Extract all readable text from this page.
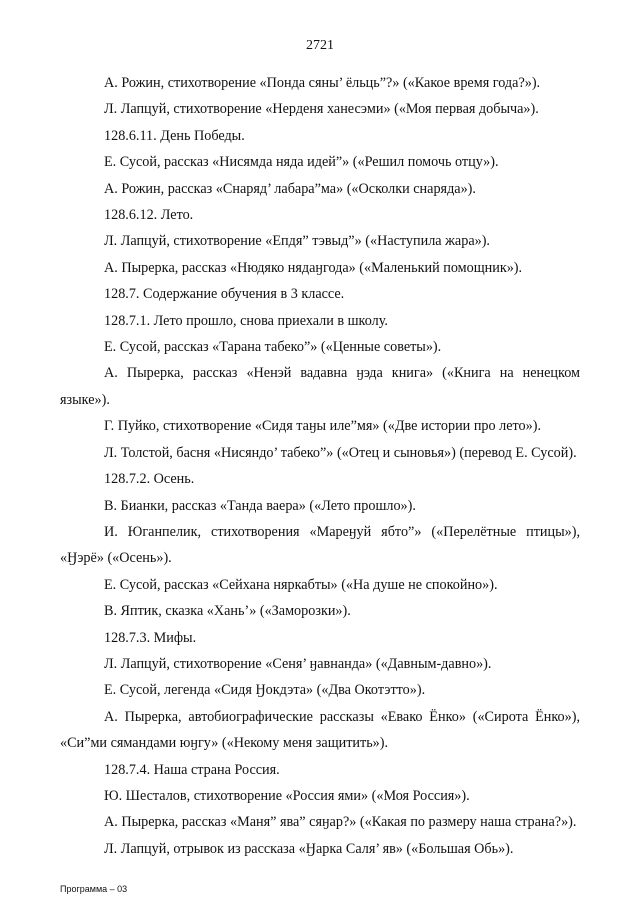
2721

А. Рожин, стихотворение «Понда сяны’ ёльць”?» («Какое время года?»).

Л. Лапцуй, стихотворение «Нерденя ханесэми» («Моя первая добыча»).

128.6.11. День Победы.

Е. Сусой, рассказ «Нисямда няда идей”» («Решил помочь отцу»).

А. Рожин, рассказ «Снаряд’ лабара”ма» («Осколки снаряда»).

128.6.12. Лето.

Л. Лапцуй, стихотворение «Епдя” тэвыд”» («Наступила жара»).

А. Пыреркa, рассказ «Нюдяко нядаӈгода» («Маленький помощник»).

128.7. Содержание обучения в 3 классе.

128.7.1. Лето прошло, снова приехали в школу.

Е. Сусой, рассказ «Тарана табеко”» («Ценные советы»).

А. Пыреркa, рассказ «Ненэй вадавна ӈэда книга» («Книга на ненецком языке»).

Г. Пуйко, стихотворение «Сидя таӈы иле”мя» («Две истории про лето»).

Л. Толстой, басня «Нисяндо’ табеко”» («Отец и сыновья») (перевод Е. Сусой).

128.7.2. Осень.

В. Бианки, рассказ «Танда ваера» («Лето прошло»).

И. Юганпелик, стихотворения «Мареӈуй ябто”» («Перелётные птицы»), «Ӈэрё» («Осень»).

Е. Сусой, рассказ «Сейхана няркабты» («На душе не спокойно»).

В. Яптик, сказка «Хань’» («Заморозки»).

128.7.3. Мифы.

Л. Лапцуй, стихотворение «Сеня’ ӈавнанда» («Давным-давно»).

Е. Сусой, легенда «Сидя Ӈокдэта» («Два Окотэтто»).

А. Пыреркa, автобиографические рассказы «Евако Ёнко» («Сирота Ёнко»), «Си”ми сямандами юӈгу» («Некому меня защитить»).

128.7.4. Наша страна Россия.

Ю. Шесталов, стихотворение «Россия ями» («Моя Россия»).

А. Пыреркa, рассказ «Маня” ява” сяӈар?» («Какая по размеру наша страна?»).

Л. Лапцуй, отрывок из рассказа «Ӈарка Саля’ яв» («Большая Обь»).

Программа – 03
